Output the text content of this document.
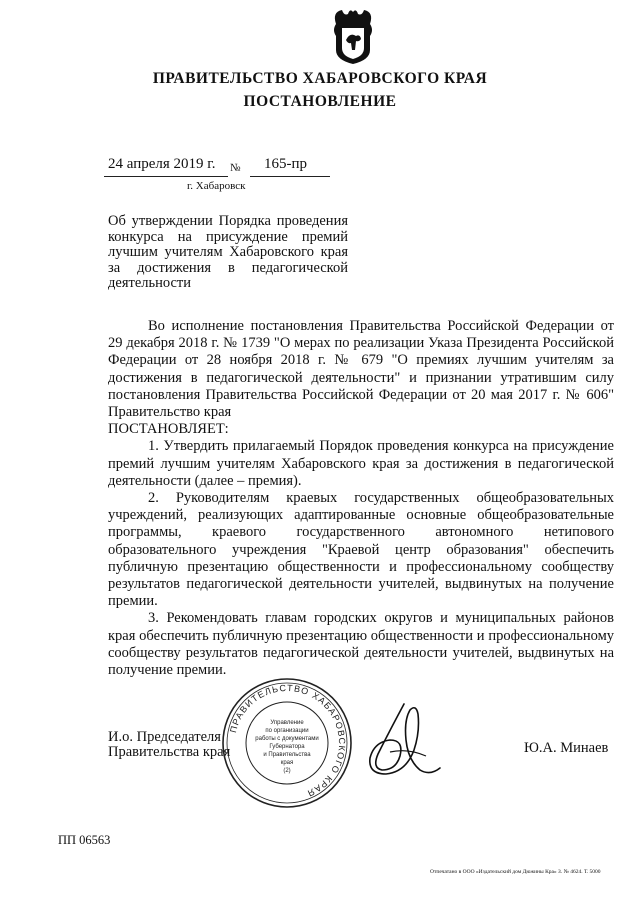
ПРАВИТЕЛЬСТВО ХАБАРОВСКОГО КРАЯ
ПОСТАНОВЛЕНИЕ
24 апреля 2019 г. № 165-пр
г. Хабаровск
Об утверждении Порядка проведения конкурса на присуждение премий лучшим учителям Хабаровского края за достижения в педагогической деятельности

Во исполнение постановления Правительства Российской Федерации от 29 декабря 2018 г. № 1739 "О мерах по реализации Указа Президента Российской Федерации от 28 ноября 2018 г. № 679 "О премиях лучшим учителям за достижения в педагогической деятельности" и признании утратившим силу постановления Правительства Российской Федерации от 20 мая 2017 г. № 606" Правительство края

ПОСТАНОВЛЯЕТ:

1. Утвердить прилагаемый Порядок проведения конкурса на присуждение премий лучшим учителям Хабаровского края за достижения в педагогической деятельности (далее – премия).

2. Руководителям краевых государственных общеобразовательных учреждений, реализующих адаптированные основные общеобразовательные программы, краевого государственного автономного нетипового образовательного учреждения "Краевой центр образования" обеспечить публичную презентацию общественности и профессиональному сообществу результатов педагогической деятельности учителей, выдвинутых на получение премии.

3. Рекомендовать главам городских округов и муниципальных районов края обеспечить публичную презентацию общественности и профессиональному сообществу результатов педагогической деятельности учителей, выдвинутых на получение премии.

И.о. Председателя
Правительства края	Ю.А. Минаев
ПРАВИТЕЛЬСТВО ХАБАРОВСКОГО КРАЯ
Управление
по организации
работы с документами
Губернатора
и Правительства
края
(2)
ПП 06563
Отпечатано в ООО «Издательский дом Дюжины Кра» З. № 4624. Т. 5000
